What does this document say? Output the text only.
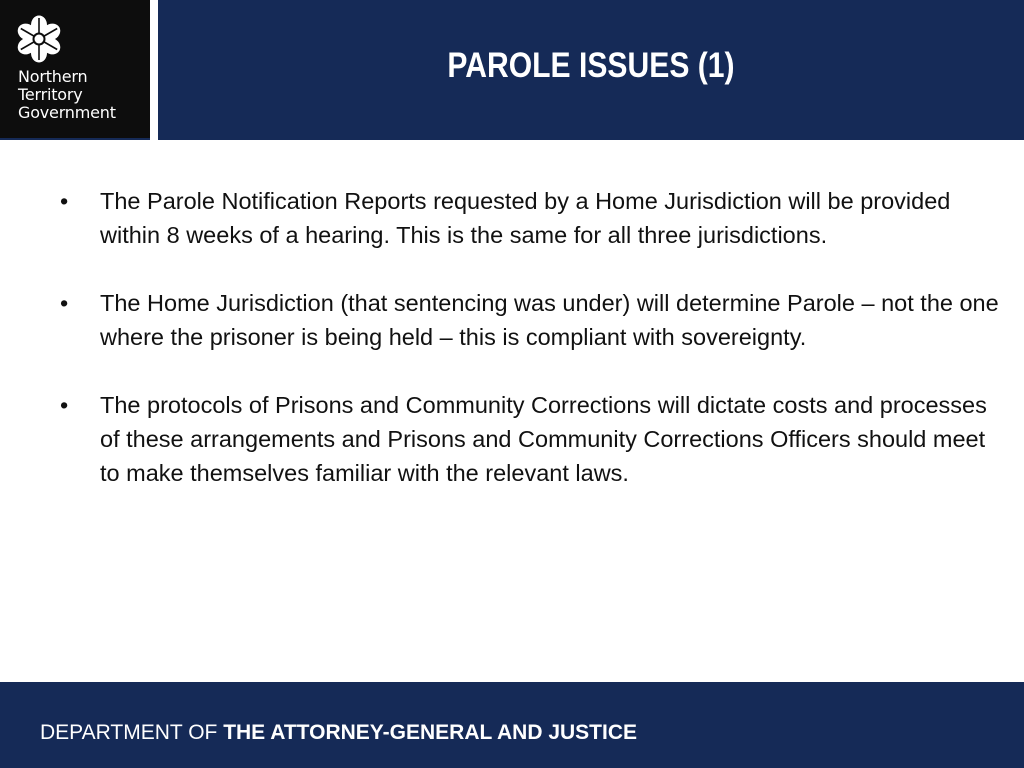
Northern
Territory
Government
PAROLE ISSUES (1)
•	The Parole Notification Reports requested by a Home Jurisdiction will be provided within 8 weeks of a hearing. This is the same for all three jurisdictions.
•	The Home Jurisdiction (that sentencing was under) will determine Parole – not the one where the prisoner is being held – this is compliant with sovereignty.
•	The protocols of Prisons and Community Corrections will dictate costs and processes of these arrangements and Prisons and Community Corrections Officers should meet to make themselves familiar with the relevant laws.
DEPARTMENT OF THE ATTORNEY-GENERAL AND JUSTICE
